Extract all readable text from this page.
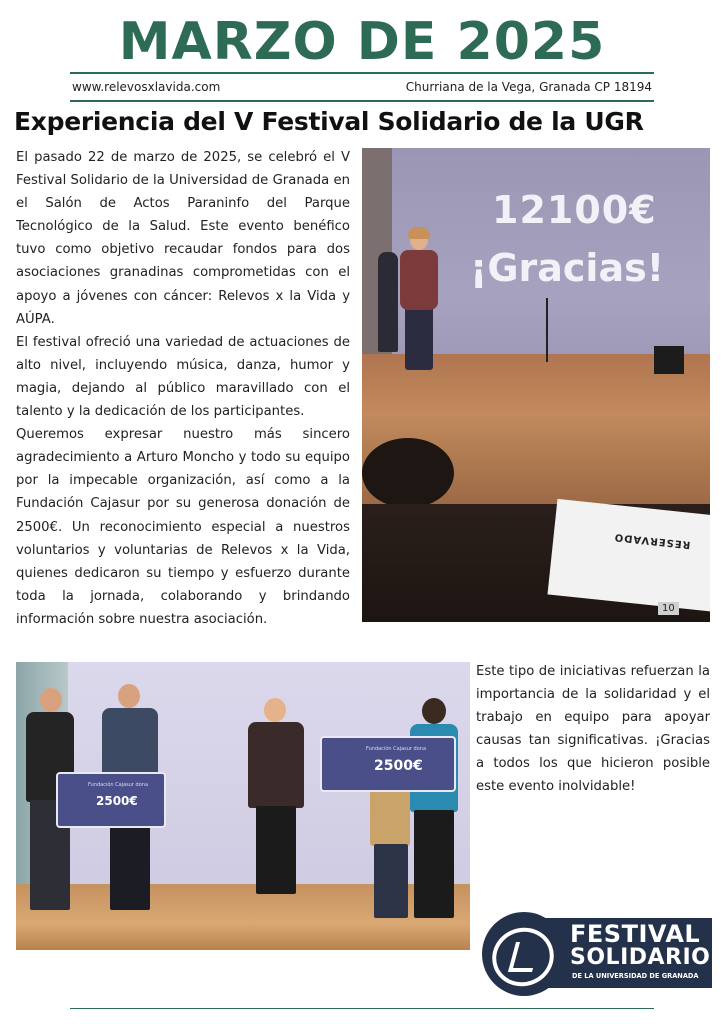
MARZO DE 2025
www.relevosxlavida.com	Churriana de la Vega, Granada CP 18194
Experiencia del V Festival Solidario de la UGR

El pasado 22 de marzo de 2025, se celebró el V Festival Solidario de la Universidad de Granada en el Salón de Actos Paraninfo del Parque Tecnológico de la Salud. Este evento benéfico tuvo como objetivo recaudar fondos para dos asociaciones granadinas comprometidas con el apoyo a jóvenes con cáncer: Relevos x la Vida y AÚPA.

El festival ofreció una variedad de actuaciones de alto nivel, incluyendo música, danza, humor y magia, dejando al público maravillado con el talento y la dedicación de los participantes.

Queremos expresar nuestro más sincero agradecimiento a Arturo Moncho y todo su equipo por la impecable organización, así como a la Fundación Cajasur por su generosa donación de 2500€. Un reconocimiento especial a nuestros voluntarios y voluntarias de Relevos x la Vida, quienes dedicaron su tiempo y esfuerzo durante toda la jornada, colaborando y brindando información sobre nuestra asociación.

12100€
¡Gracias!
RESERVADO
10
Fundación Cajasur dona
2500€
Fundación Cajasur dona
2500€
Este tipo de iniciativas refuerzan la importancia de la solidaridad y el trabajo en equipo para apoyar causas tan significativas. ¡Gracias a todos los que hicieron posible este evento inolvidable!
FESTIVAL
SOLIDARIO
DE LA UNIVERSIDAD DE GRANADA
